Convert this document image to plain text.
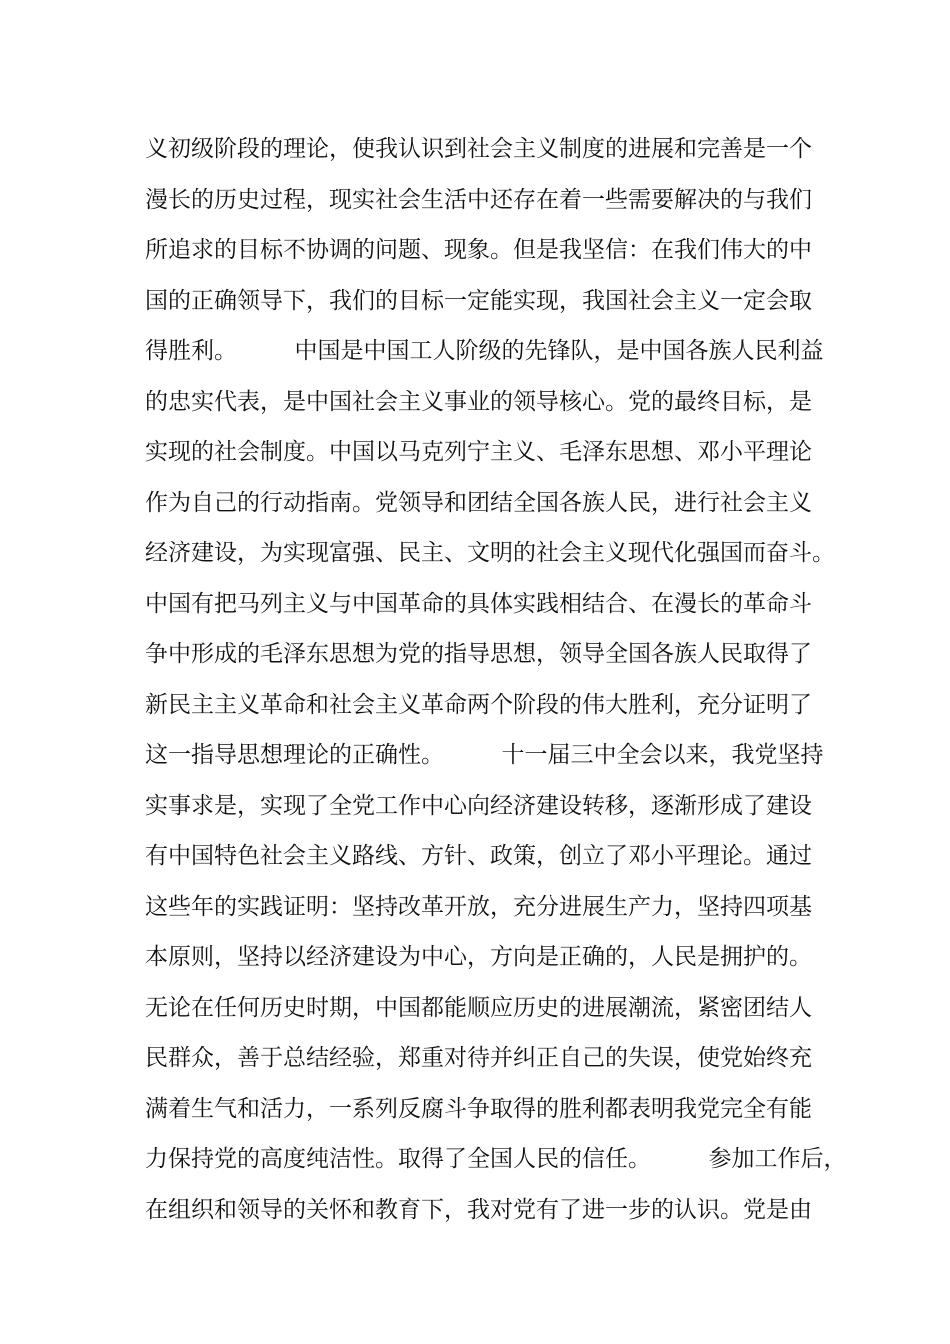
义初级阶段的理论，使我认识到社会主义制度的进展和完善是一个
漫长的历史过程，现实社会生活中还存在着一些需要解决的与我们
所追求的目标不协调的问题、现象。但是我坚信：在我们伟大的中
国的正确领导下，我们的目标一定能实现，我国社会主义一定会取
得胜利。　　　中国是中国工人阶级的先锋队，是中国各族人民利益
的忠实代表，是中国社会主义事业的领导核心。党的最终目标，是
实现的社会制度。中国以马克列宁主义、毛泽东思想、邓小平理论
作为自己的行动指南。党领导和团结全国各族人民，进行社会主义
经济建设，为实现富强、民主、文明的社会主义现代化强国而奋斗。
中国有把马列主义与中国革命的具体实践相结合、在漫长的革命斗
争中形成的毛泽东思想为党的指导思想，领导全国各族人民取得了
新民主主义革命和社会主义革命两个阶段的伟大胜利，充分证明了
这一指导思想理论的正确性。　　　十一届三中全会以来，我党坚持
实事求是，实现了全党工作中心向经济建设转移，逐渐形成了建设
有中国特色社会主义路线、方针、政策，创立了邓小平理论。通过
这些年的实践证明：坚持改革开放，充分进展生产力，坚持四项基
本原则，坚持以经济建设为中心，方向是正确的，人民是拥护的。
无论在任何历史时期，中国都能顺应历史的进展潮流，紧密团结人
民群众，善于总结经验，郑重对待并纠正自己的失误，使党始终充
满着生气和活力，一系列反腐斗争取得的胜利都表明我党完全有能
力保持党的高度纯洁性。取得了全国人民的信任。　　　参加工作后，
在组织和领导的关怀和教育下，我对党有了进一步的认识。党是由
